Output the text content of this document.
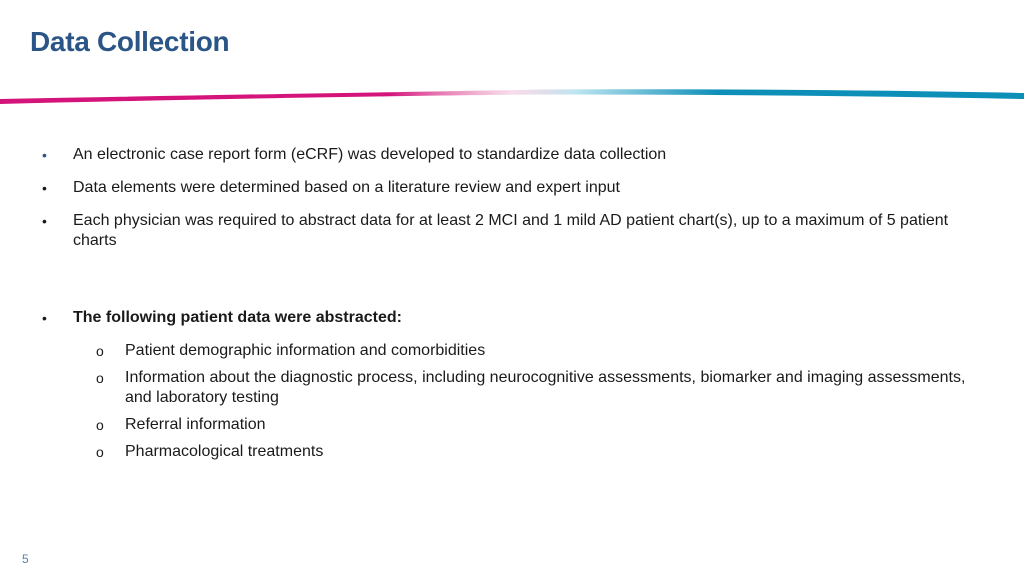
Data Collection
•	An electronic case report form (eCRF) was developed to standardize data collection
•	Data elements were determined based on a literature review and expert input
•	Each physician was required to abstract data for at least 2 MCI and 1 mild AD patient chart(s), up to a maximum of 5 patient charts
•	The following patient data were abstracted:
o	Patient demographic information and comorbidities
o	Information about the diagnostic process, including neurocognitive assessments, biomarker and imaging assessments, and laboratory testing
o	Referral information
o	Pharmacological treatments
5
